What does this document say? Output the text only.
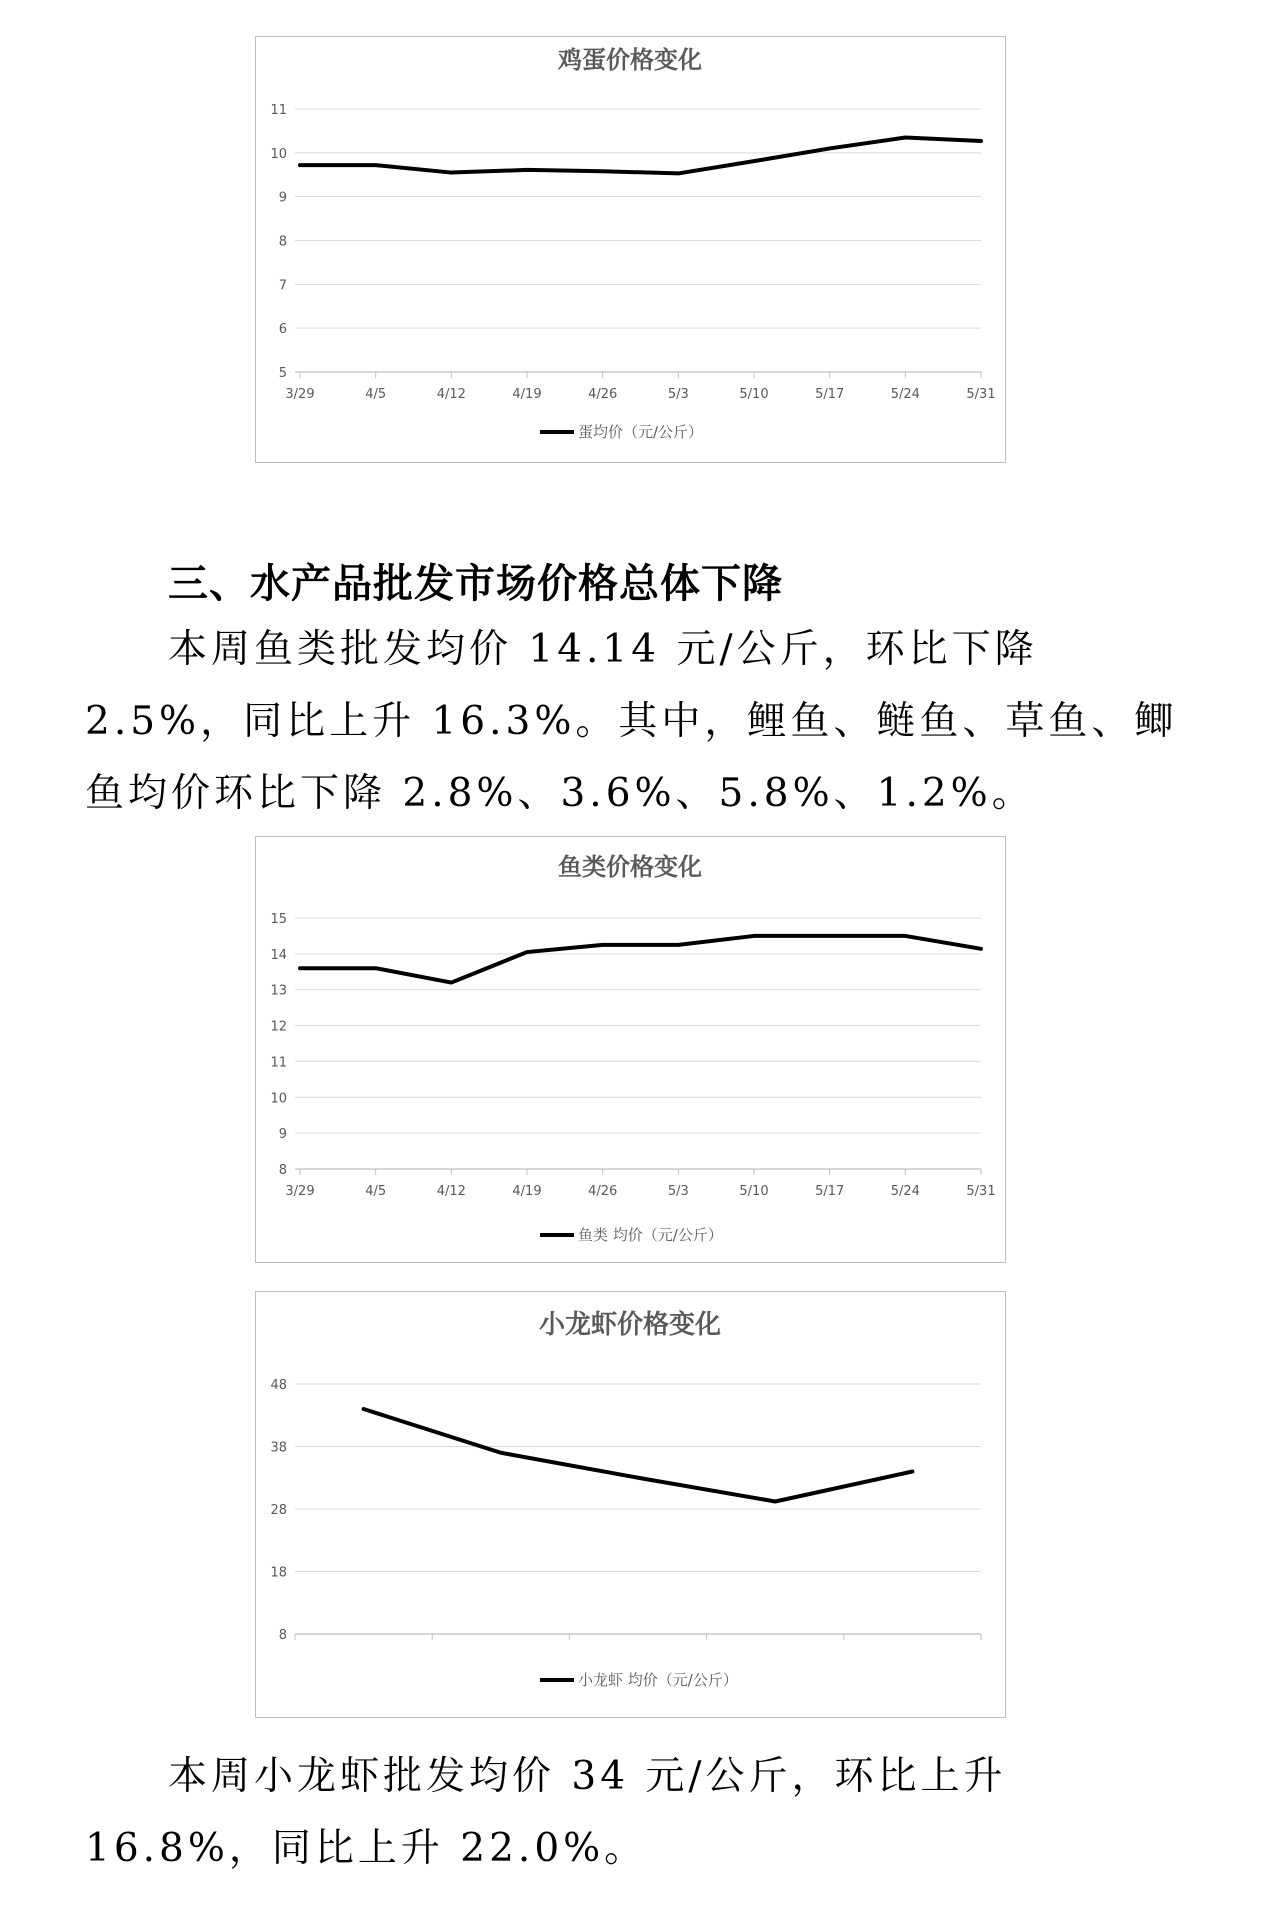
鸡蛋价格变化
5
6
7
8
9
10
11
3/29	4/5	4/12	4/19	4/26	5/3	5/10	5/17	5/24	5/31
蛋均价（元/公斤）
三、水产品批发市场价格总体下降

本周鱼类批发均价 14.14 元/公斤，环比下降 2.5%，同比上升 16.3%。其中，鲤鱼、鲢鱼、草鱼、鲫鱼均价环比下降 2.8%、3.6%、5.8%、1.2%。

鱼类价格变化
8
9
10
11
12
13
14
15
3/29	4/5	4/12	4/19	4/26	5/3	5/10	5/17	5/24	5/31
鱼类 均价（元/公斤）
小龙虾价格变化
8
18
28
38
48
小龙虾 均价（元/公斤）

本周小龙虾批发均价 34 元/公斤，环比上升 16.8%，同比上升 22.0%。
